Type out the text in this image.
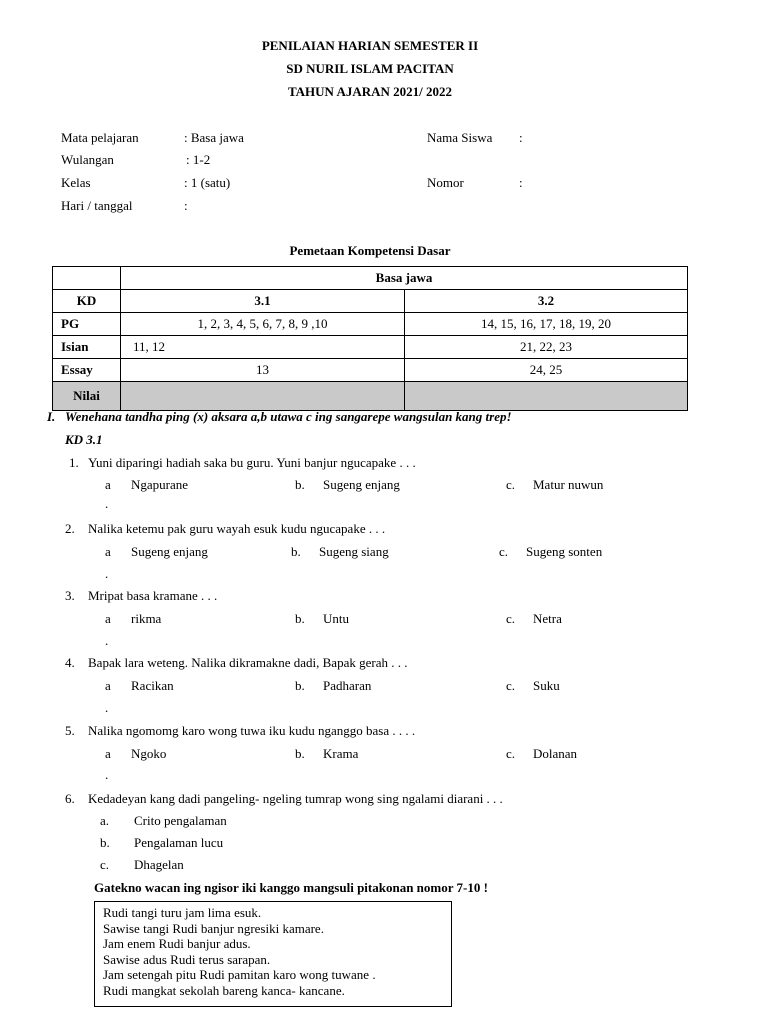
PENILAIAN HARIAN SEMESTER II
SD NURIL ISLAM PACITAN
TAHUN AJARAN 2021/ 2022
Mata pelajaran	: Basa jawa	Nama Siswa :
Wulangan	: 1-2
Kelas	: 1 (satu)	Nomor	:
Hari / tanggal	:
Pemetaan Kompetensi Dasar
	Basa jawa	
KD	3.1	3.2
PG	1, 2, 3, 4, 5, 6, 7, 8, 9 ,10	14, 15, 16, 17, 18, 19, 20
Isian	11, 12	21, 22, 23
Essay	13	24, 25
Nilai		
I. Wenehana tandha ping (x) aksara a,b utawa c ing sangarepe wangsulan kang trep!
KD 3.1
1. Yuni diparingi hadiah saka bu guru. Yuni banjur ngucapake . . .
a
.
Ngapurane	b. Sugeng enjang	c. Matur nuwun
2. Nalika ketemu pak guru wayah esuk kudu ngucapake . . .
a
.
Sugeng enjang	b. Sugeng siang	c. Sugeng sonten
3. Mripat basa kramane . . .
a
.
rikma	b. Untu	c. Netra
4. Bapak lara weteng. Nalika dikramakne dadi, Bapak gerah . . .
a
.
Racikan	b. Padharan	c. Suku
5. Nalika ngomomg karo wong tuwa iku kudu nganggo basa . . . .
a
.
Ngoko	b. Krama	c. Dolanan
6. Kedadeyan kang dadi pangeling- ngeling tumrap wong sing ngalami diarani . . .
a. Crito pengalaman
b. Pengalaman lucu
c. Dhagelan
Gatekno wacan ing ngisor iki kanggo mangsuli pitakonan nomor 7-10 !
Rudi tangi turu jam lima esuk.
Sawise tangi Rudi banjur ngresiki kamare.
Jam enem Rudi banjur adus.
Sawise adus Rudi terus sarapan.
Jam setengah pitu Rudi pamitan karo wong tuwane .
Rudi mangkat sekolah bareng kanca- kancane.
